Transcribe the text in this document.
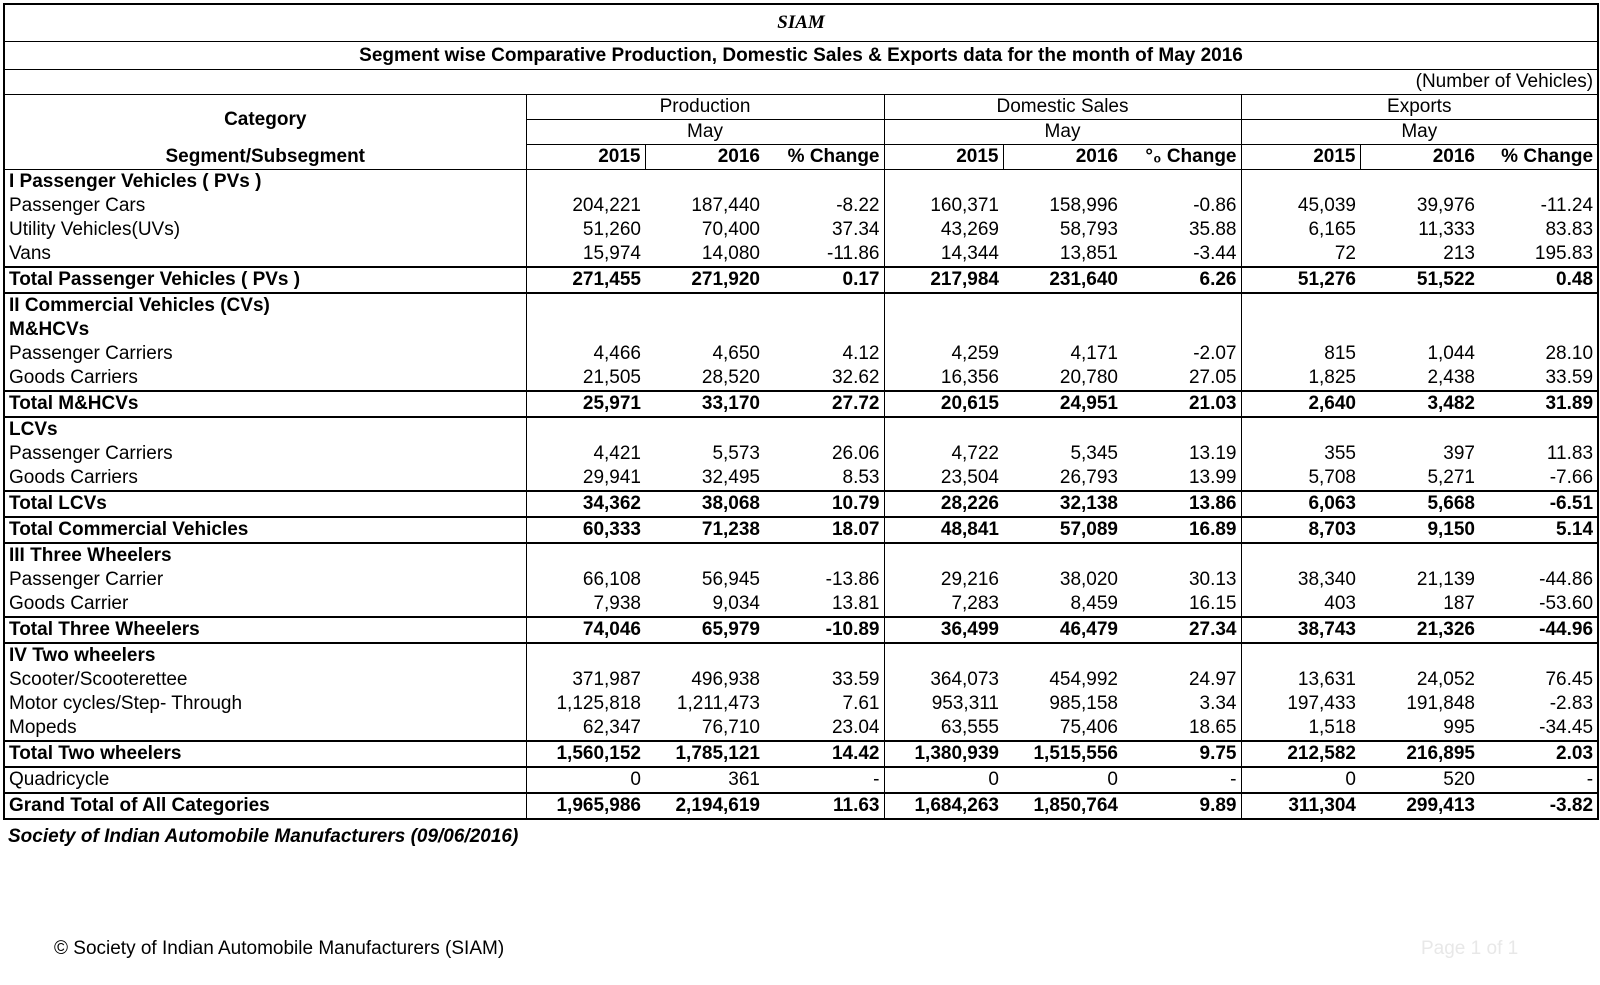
SIAM									
Segment wise Comparative Production, Domestic Sales & Exports data for the month of May 2016									
(Number of Vehicles)									
Category	Production			Domestic Sales			Exports		
	May			May			May		
Segment/Subsegment	2015	2016	% Change	2015	2016	°₀ Change	2015	2016	% Change
I Passenger Vehicles ( PVs )									
Passenger Cars	204,221	187,440	-8.22	160,371	158,996	-0.86	45,039	39,976	-11.24
Utility Vehicles(UVs)	51,260	70,400	37.34	43,269	58,793	35.88	6,165	11,333	83.83
Vans	15,974	14,080	-11.86	14,344	13,851	-3.44	72	213	195.83
Total Passenger Vehicles ( PVs )	271,455	271,920	0.17	217,984	231,640	6.26	51,276	51,522	0.48
II Commercial Vehicles (CVs)									
M&HCVs									
Passenger Carriers	4,466	4,650	4.12	4,259	4,171	-2.07	815	1,044	28.10
Goods Carriers	21,505	28,520	32.62	16,356	20,780	27.05	1,825	2,438	33.59
Total M&HCVs	25,971	33,170	27.72	20,615	24,951	21.03	2,640	3,482	31.89
LCVs									
Passenger Carriers	4,421	5,573	26.06	4,722	5,345	13.19	355	397	11.83
Goods Carriers	29,941	32,495	8.53	23,504	26,793	13.99	5,708	5,271	-7.66
Total LCVs	34,362	38,068	10.79	28,226	32,138	13.86	6,063	5,668	-6.51
Total Commercial Vehicles	60,333	71,238	18.07	48,841	57,089	16.89	8,703	9,150	5.14
III Three Wheelers									
Passenger Carrier	66,108	56,945	-13.86	29,216	38,020	30.13	38,340	21,139	-44.86
Goods Carrier	7,938	9,034	13.81	7,283	8,459	16.15	403	187	-53.60
Total Three Wheelers	74,046	65,979	-10.89	36,499	46,479	27.34	38,743	21,326	-44.96
IV Two wheelers									
Scooter/Scooterettee	371,987	496,938	33.59	364,073	454,992	24.97	13,631	24,052	76.45
Motor cycles/Step- Through	1,125,818	1,211,473	7.61	953,311	985,158	3.34	197,433	191,848	-2.83
Mopeds	62,347	76,710	23.04	63,555	75,406	18.65	1,518	995	-34.45
Total Two wheelers	1,560,152	1,785,121	14.42	1,380,939	1,515,556	9.75	212,582	216,895	2.03
Quadricycle	0	361	-	0	0	-	0	520	-
Grand Total of All Categories	1,965,986	2,194,619	11.63	1,684,263	1,850,764	9.89	311,304	299,413	-3.82
Society of Indian Automobile Manufacturers (09/06/2016)
© Society of Indian Automobile Manufacturers (SIAM)	Page 1 of 1
